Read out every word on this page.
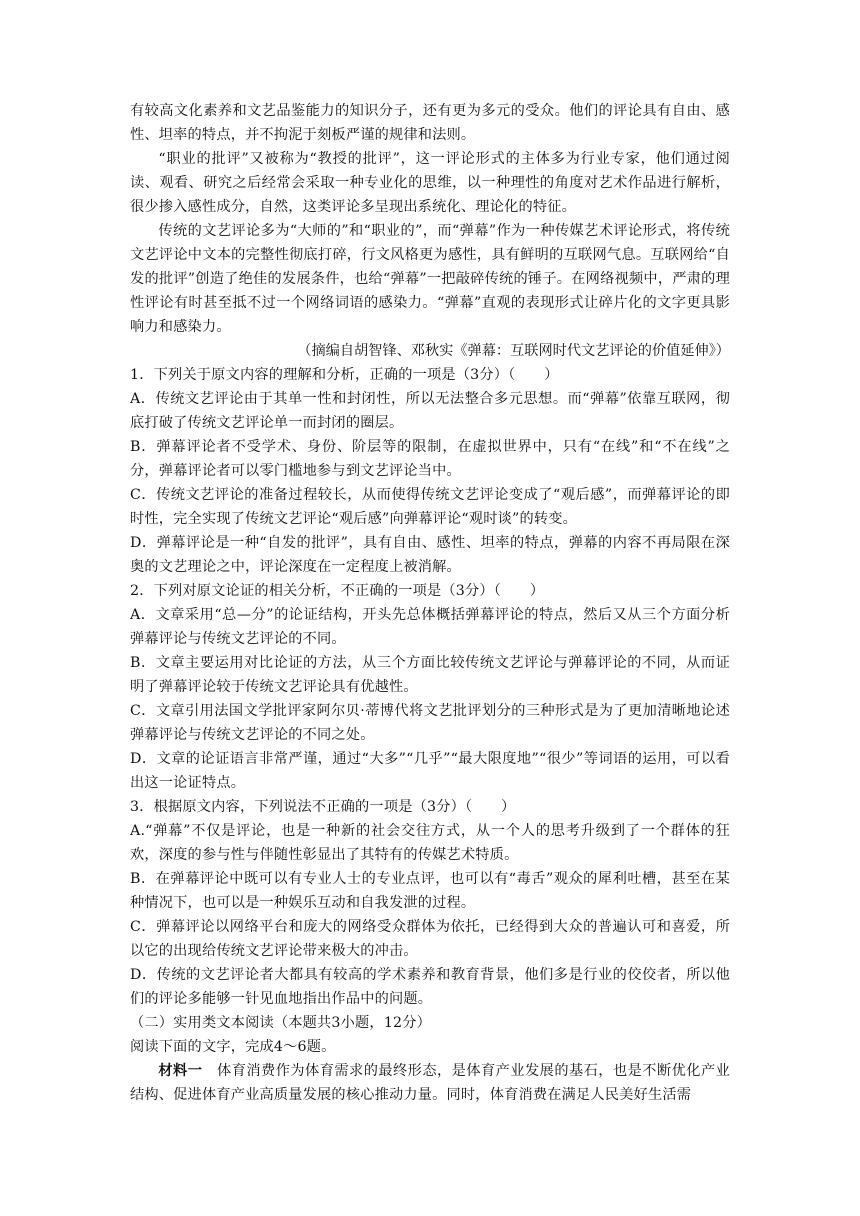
有较高文化素养和文艺品鉴能力的知识分子，还有更为多元的受众。他们的评论具有自由、感性、坦率的特点，并不拘泥于刻板严谨的规律和法则。

“职业的批评”又被称为“教授的批评”，这一评论形式的主体多为行业专家，他们通过阅读、观看、研究之后经常会采取一种专业化的思维，以一种理性的角度对艺术作品进行解析，很少掺入感性成分，自然，这类评论多呈现出系统化、理论化的特征。

传统的文艺评论多为“大师的”和“职业的”，而“弹幕”作为一种传媒艺术评论形式，将传统文艺评论中文本的完整性彻底打碎，行文风格更为感性，具有鲜明的互联网气息。互联网给“自发的批评”创造了绝佳的发展条件，也给“弹幕”一把敲碎传统的锤子。在网络视频中，严肃的理性评论有时甚至抵不过一个网络词语的感染力。“弹幕”直观的表现形式让碎片化的文字更具影响力和感染力。

（摘编自胡智锋、邓秋实《弹幕：互联网时代文艺评论的价值延伸》）

1．下列关于原文内容的理解和分析，正确的一项是（3分）（　　）

A．传统文艺评论由于其单一性和封闭性，所以无法整合多元思想。而“弹幕”依靠互联网，彻底打破了传统文艺评论单一而封闭的圈层。

B．弹幕评论者不受学术、身份、阶层等的限制，在虚拟世界中，只有“在线”和“不在线”之分，弹幕评论者可以零门槛地参与到文艺评论当中。

C．传统文艺评论的准备过程较长，从而使得传统文艺评论变成了“观后感”，而弹幕评论的即时性，完全实现了传统文艺评论“观后感”向弹幕评论“观时谈”的转变。

D．弹幕评论是一种“自发的批评”，具有自由、感性、坦率的特点，弹幕的内容不再局限在深奥的文艺理论之中，评论深度在一定程度上被消解。

2．下列对原文论证的相关分析，不正确的一项是（3分）（　　）

A．文章采用“总—分”的论证结构，开头先总体概括弹幕评论的特点，然后又从三个方面分析弹幕评论与传统文艺评论的不同。

B．文章主要运用对比论证的方法，从三个方面比较传统文艺评论与弹幕评论的不同，从而证明了弹幕评论较于传统文艺评论具有优越性。

C．文章引用法国文学批评家阿尔贝·蒂博代将文艺批评划分的三种形式是为了更加清晰地论述弹幕评论与传统文艺评论的不同之处。

D．文章的论证语言非常严谨，通过“大多”“几乎”“最大限度地”“很少”等词语的运用，可以看出这一论证特点。

3．根据原文内容，下列说法不正确的一项是（3分）（　　）

A.“弹幕”不仅是评论，也是一种新的社会交往方式，从一个人的思考升级到了一个群体的狂欢，深度的参与性与伴随性彰显出了其特有的传媒艺术特质。

B．在弹幕评论中既可以有专业人士的专业点评，也可以有“毒舌”观众的犀利吐槽，甚至在某种情况下，也可以是一种娱乐互动和自我发泄的过程。

C．弹幕评论以网络平台和庞大的网络受众群体为依托，已经得到大众的普遍认可和喜爱，所以它的出现给传统文艺评论带来极大的冲击。

D．传统的文艺评论者大都具有较高的学术素养和教育背景，他们多是行业的佼佼者，所以他们的评论多能够一针见血地指出作品中的问题。

（二）实用类文本阅读（本题共3小题，12分）

阅读下面的文字，完成4～6题。

材料一　体育消费作为体育需求的最终形态，是体育产业发展的基石，也是不断优化产业结构、促进体育产业高质量发展的核心推动力量。同时，体育消费在满足人民美好生活需
